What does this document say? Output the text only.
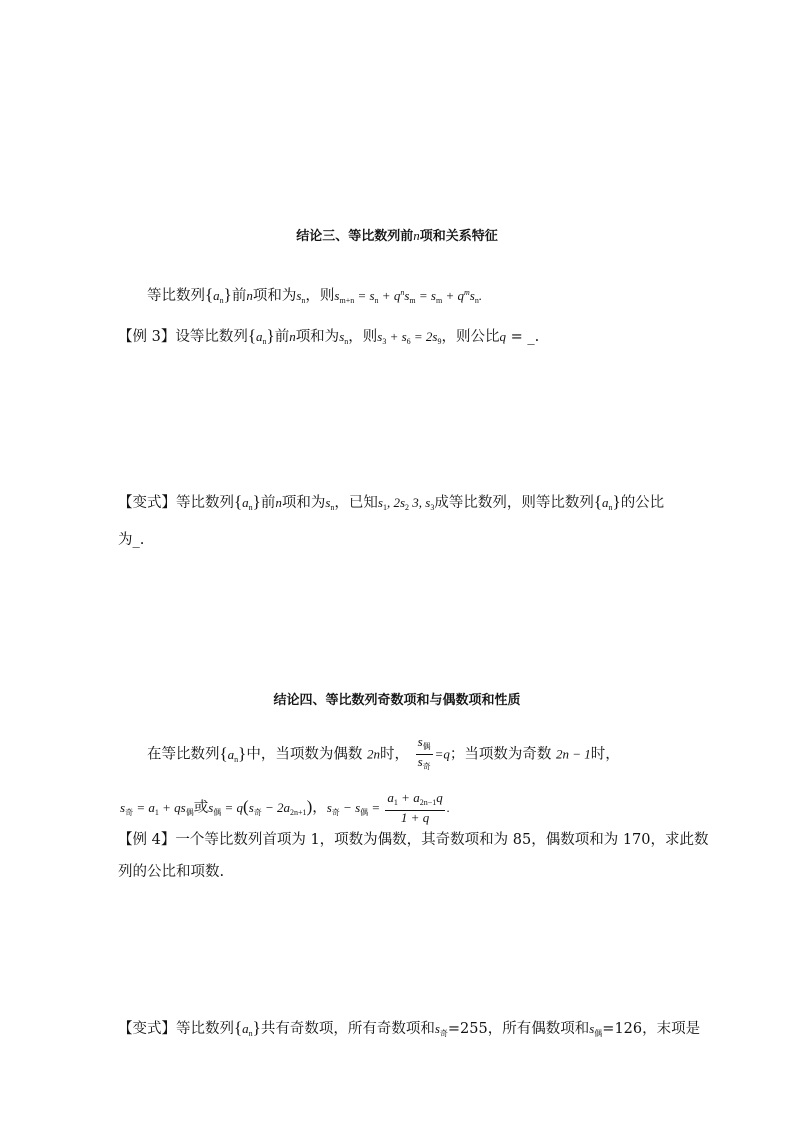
结论三、等比数列前n项和关系特征
等比数列$\{a_n\}$前n项和为$s_n$，则$s_{m+n} = s_n + q^ns_m = s_m + q^ms_n$.
【例 3】设等比数列$\{a_n\}$前n项和为$s_n$，则$s_3 + s_6 = 2s_9$，则公比q = _.
【变式】等比数列$\{a_n\}$前n项和为$s_n$，已知$s_1$, $2s_2$ 3, $s_3$成等比数列，则等比数列$\{a_n\}$的公比
为_.
结论四、等比数列奇数项和与偶数项和性质
在等比数列$\{a_n\}$中，当项数为偶数 2n时， $\frac{s_偶}{s_奇} =q$；当项数为奇数 2n − 1时，
$s_奇 = a_1 + qs_偶$或$s_偶 = q(s_奇 - 2a_{2n+1})$，$s_奇 - s_偶 = \frac{a_1 + a_{2n-1}q}{1 + q}$ .
【例 4】一个等比数列首项为 1，项数为偶数，其奇数项和为 85，偶数项和为 170，求此数
列的公比和项数.
【变式】等比数列$\{a_n\}$共有奇数项，所有奇数项和$s_奇=255$，所有偶数项和$s_偶=126$，末项是
